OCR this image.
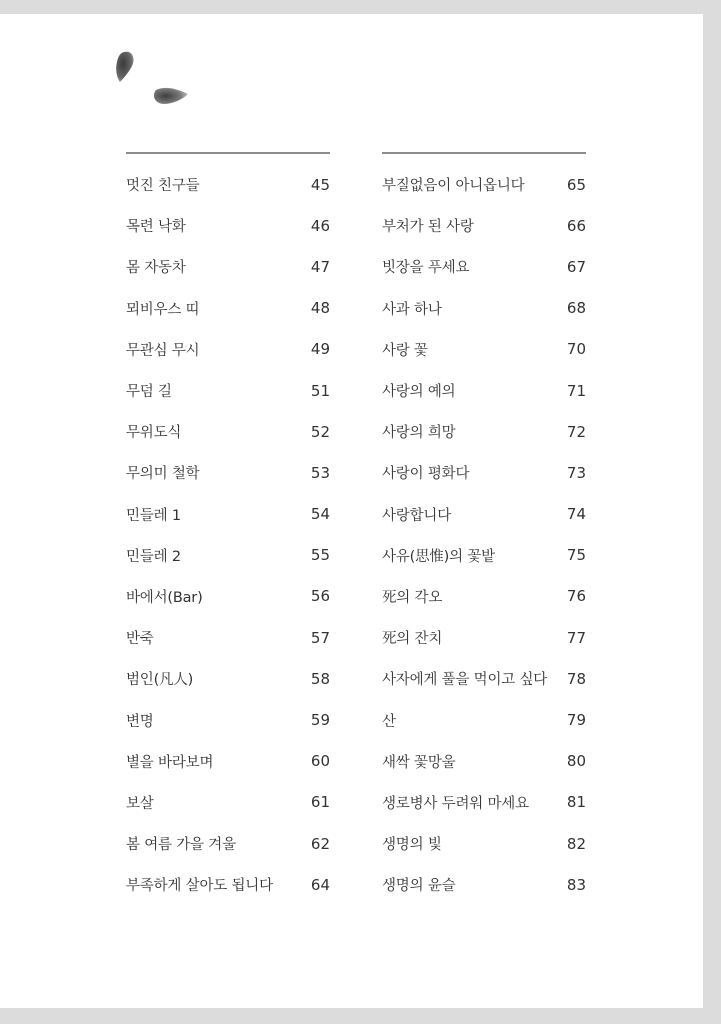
멋진 친구들	45
목련 낙화	46
몸 자동차	47
뫼비우스 띠	48
무관심 무시	49
무덤 길	51
무위도식	52
무의미 철학	53
민들레 1	54
민들레 2	55
바에서(Bar)	56
반죽	57
범인(凡人)	58
변명	59
별을 바라보며	60
보살	61
봄 여름 가을 겨울	62
부족하게 살아도 됩니다	64
부질없음이 아니옵니다	65
부처가 된 사랑	66
빗장을 푸세요	67
사과 하나	68
사랑 꽃	70
사랑의 예의	71
사랑의 희망	72
사랑이 평화다	73
사랑합니다	74
사유(思惟)의 꽃밭	75
死의 각오	76
死의 잔치	77
사자에게 풀을 먹이고 싶다 78
산	79
새싹 꽃망울	80
생로병사 두려워 마세요	81
생명의 빛	82
생명의 윤슬	83
